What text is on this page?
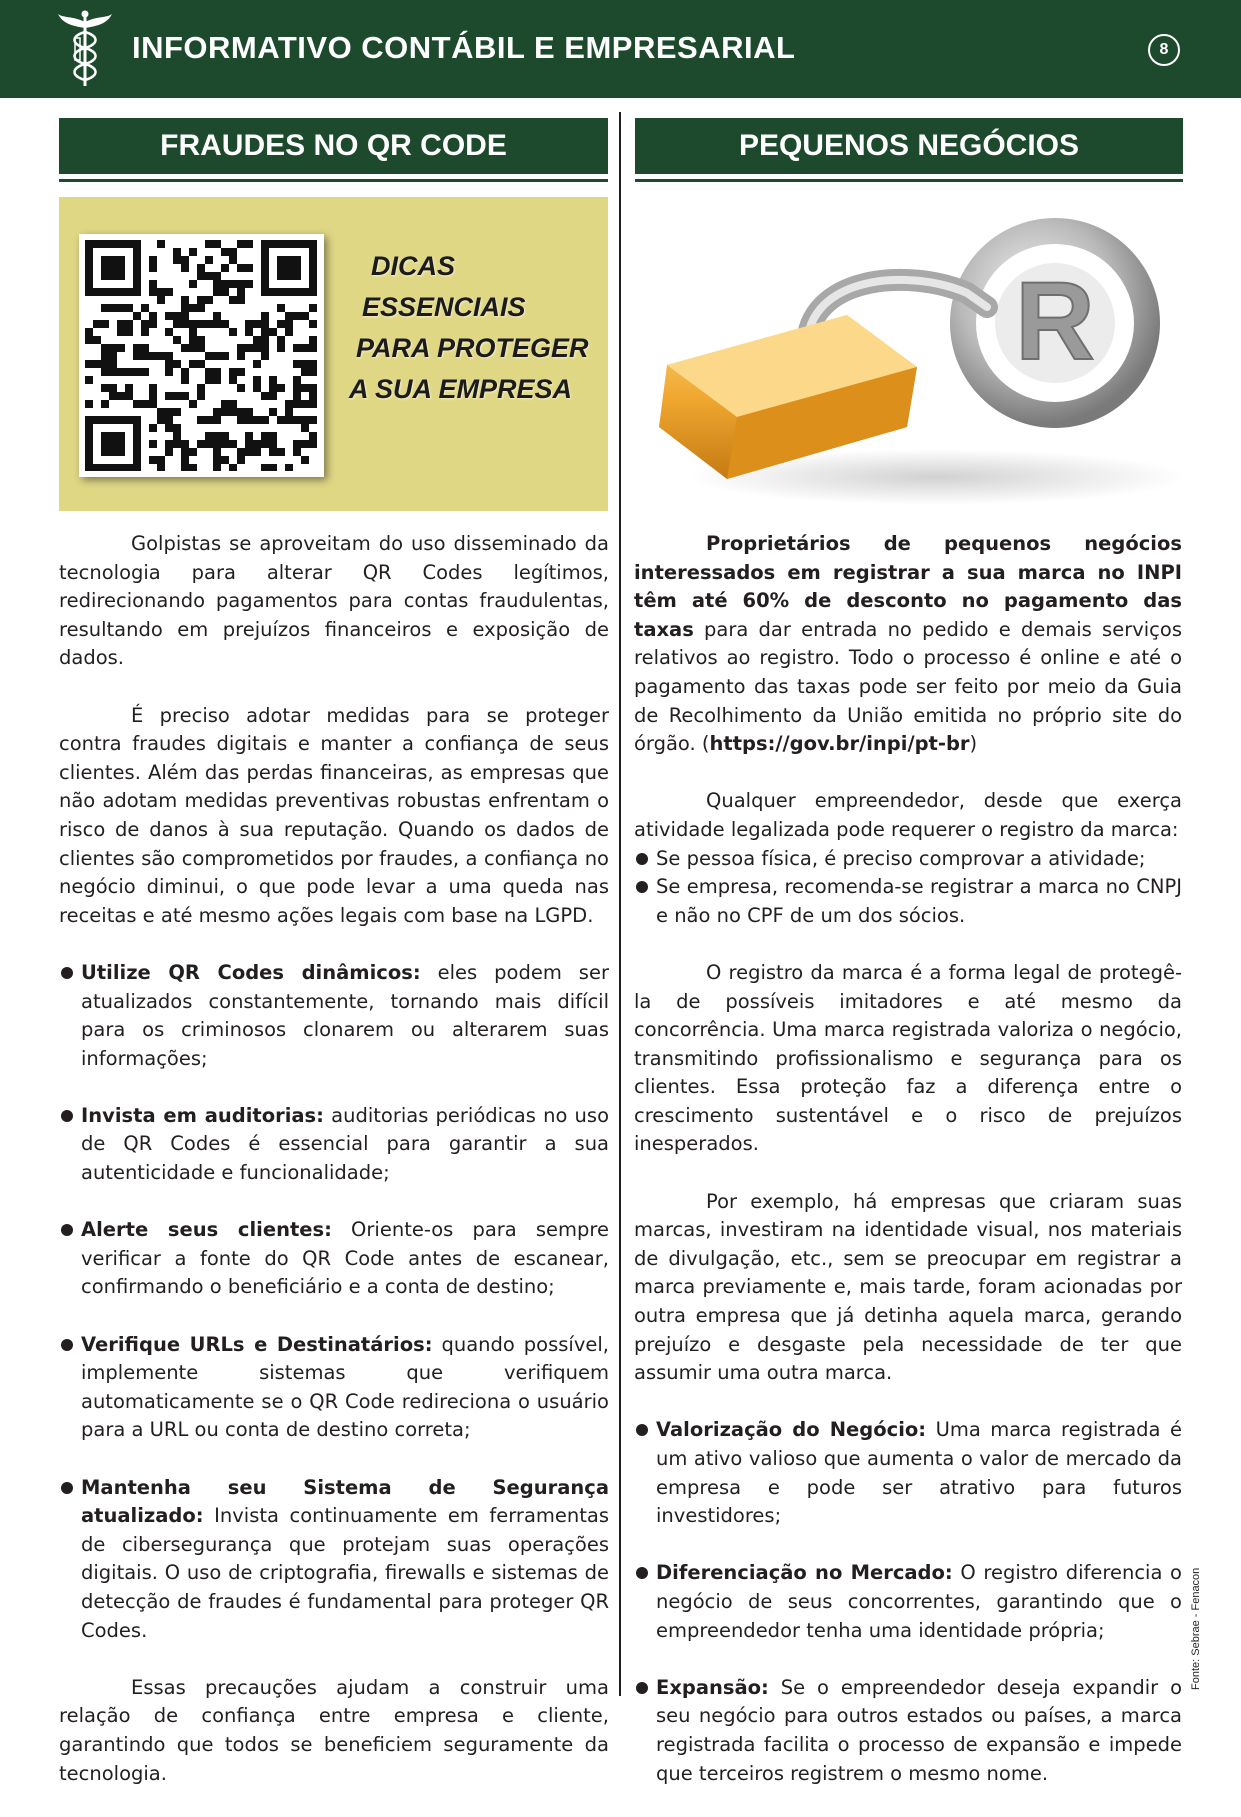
INFORMATIVO CONTÁBIL E EMPRESARIAL	8
FRAUDES NO QR CODE
DICAS
ESSENCIAIS
PARA PROTEGER
A SUA EMPRESA

Golpistas se aproveitam do uso disseminado da tecnologia para alterar QR Codes legítimos, redirecionando pagamentos para contas fraudulentas, resultando em prejuízos financeiros e exposição de dados.

É preciso adotar medidas para se proteger contra fraudes digitais e manter a confiança de seus clientes. Além das perdas financeiras, as empresas que não adotam medidas preventivas robustas enfrentam o risco de danos à sua reputação. Quando os dados de clientes são comprometidos por fraudes, a confiança no negócio diminui, o que pode levar a uma queda nas receitas e até mesmo ações legais com base na LGPD.

Utilize QR Codes dinâmicos: eles podem ser atualizados constantemente, tornando mais difícil para os criminosos clonarem ou alterarem suas informações;
Invista em auditorias: auditorias periódicas no uso de QR Codes é essencial para garantir a sua autenticidade e funcionalidade;
Alerte seus clientes: Oriente-os para sempre verificar a fonte do QR Code antes de escanear, confirmando o beneficiário e a conta de destino;
Verifique URLs e Destinatários: quando possível, implemente sistemas que verifiquem automaticamente se o QR Code redireciona o usuário para a URL ou conta de destino correta;
Mantenha seu Sistema de Segurança atualizado: Invista continuamente em ferramentas de cibersegurança que protejam suas operações digitais. O uso de criptografia, firewalls e sistemas de detecção de fraudes é fundamental para proteger QR Codes.

Essas precauções ajudam a construir uma relação de confiança entre empresa e cliente, garantindo que todos se beneficiem seguramente da tecnologia.

PEQUENOS NEGÓCIOS
R

Proprietários de pequenos negócios interessados em registrar a sua marca no INPI têm até 60% de desconto no pagamento das taxas para dar entrada no pedido e demais serviços relativos ao registro. Todo o processo é online e até o pagamento das taxas pode ser feito por meio da Guia de Recolhimento da União emitida no próprio site do órgão. (https://gov.br/inpi/pt-br)

Qualquer empreendedor, desde que exerça atividade legalizada pode requerer o registro da marca:

Se pessoa física, é preciso comprovar a atividade;
Se empresa, recomenda-se registrar a marca no CNPJ e não no CPF de um dos sócios.

O registro da marca é a forma legal de protegê-la de possíveis imitadores e até mesmo da concorrência. Uma marca registrada valoriza o negócio, transmitindo profissionalismo e segurança para os clientes. Essa proteção faz a diferença entre o crescimento sustentável e o risco de prejuízos inesperados.

Por exemplo, há empresas que criaram suas marcas, investiram na identidade visual, nos materiais de divulgação, etc., sem se preocupar em registrar a marca previamente e, mais tarde, foram acionadas por outra empresa que já detinha aquela marca, gerando prejuízo e desgaste pela necessidade de ter que assumir uma outra marca.

Valorização do Negócio: Uma marca registrada é um ativo valioso que aumenta o valor de mercado da empresa e pode ser atrativo para futuros investidores;
Diferenciação no Mercado: O registro diferencia o negócio de seus concorrentes, garantindo que o empreendedor tenha uma identidade própria;
Expansão: Se o empreendedor deseja expandir o seu negócio para outros estados ou países, a marca registrada facilita o processo de expansão e impede que terceiros registrem o mesmo nome.
Fonte: Sebrae - Fenacon
